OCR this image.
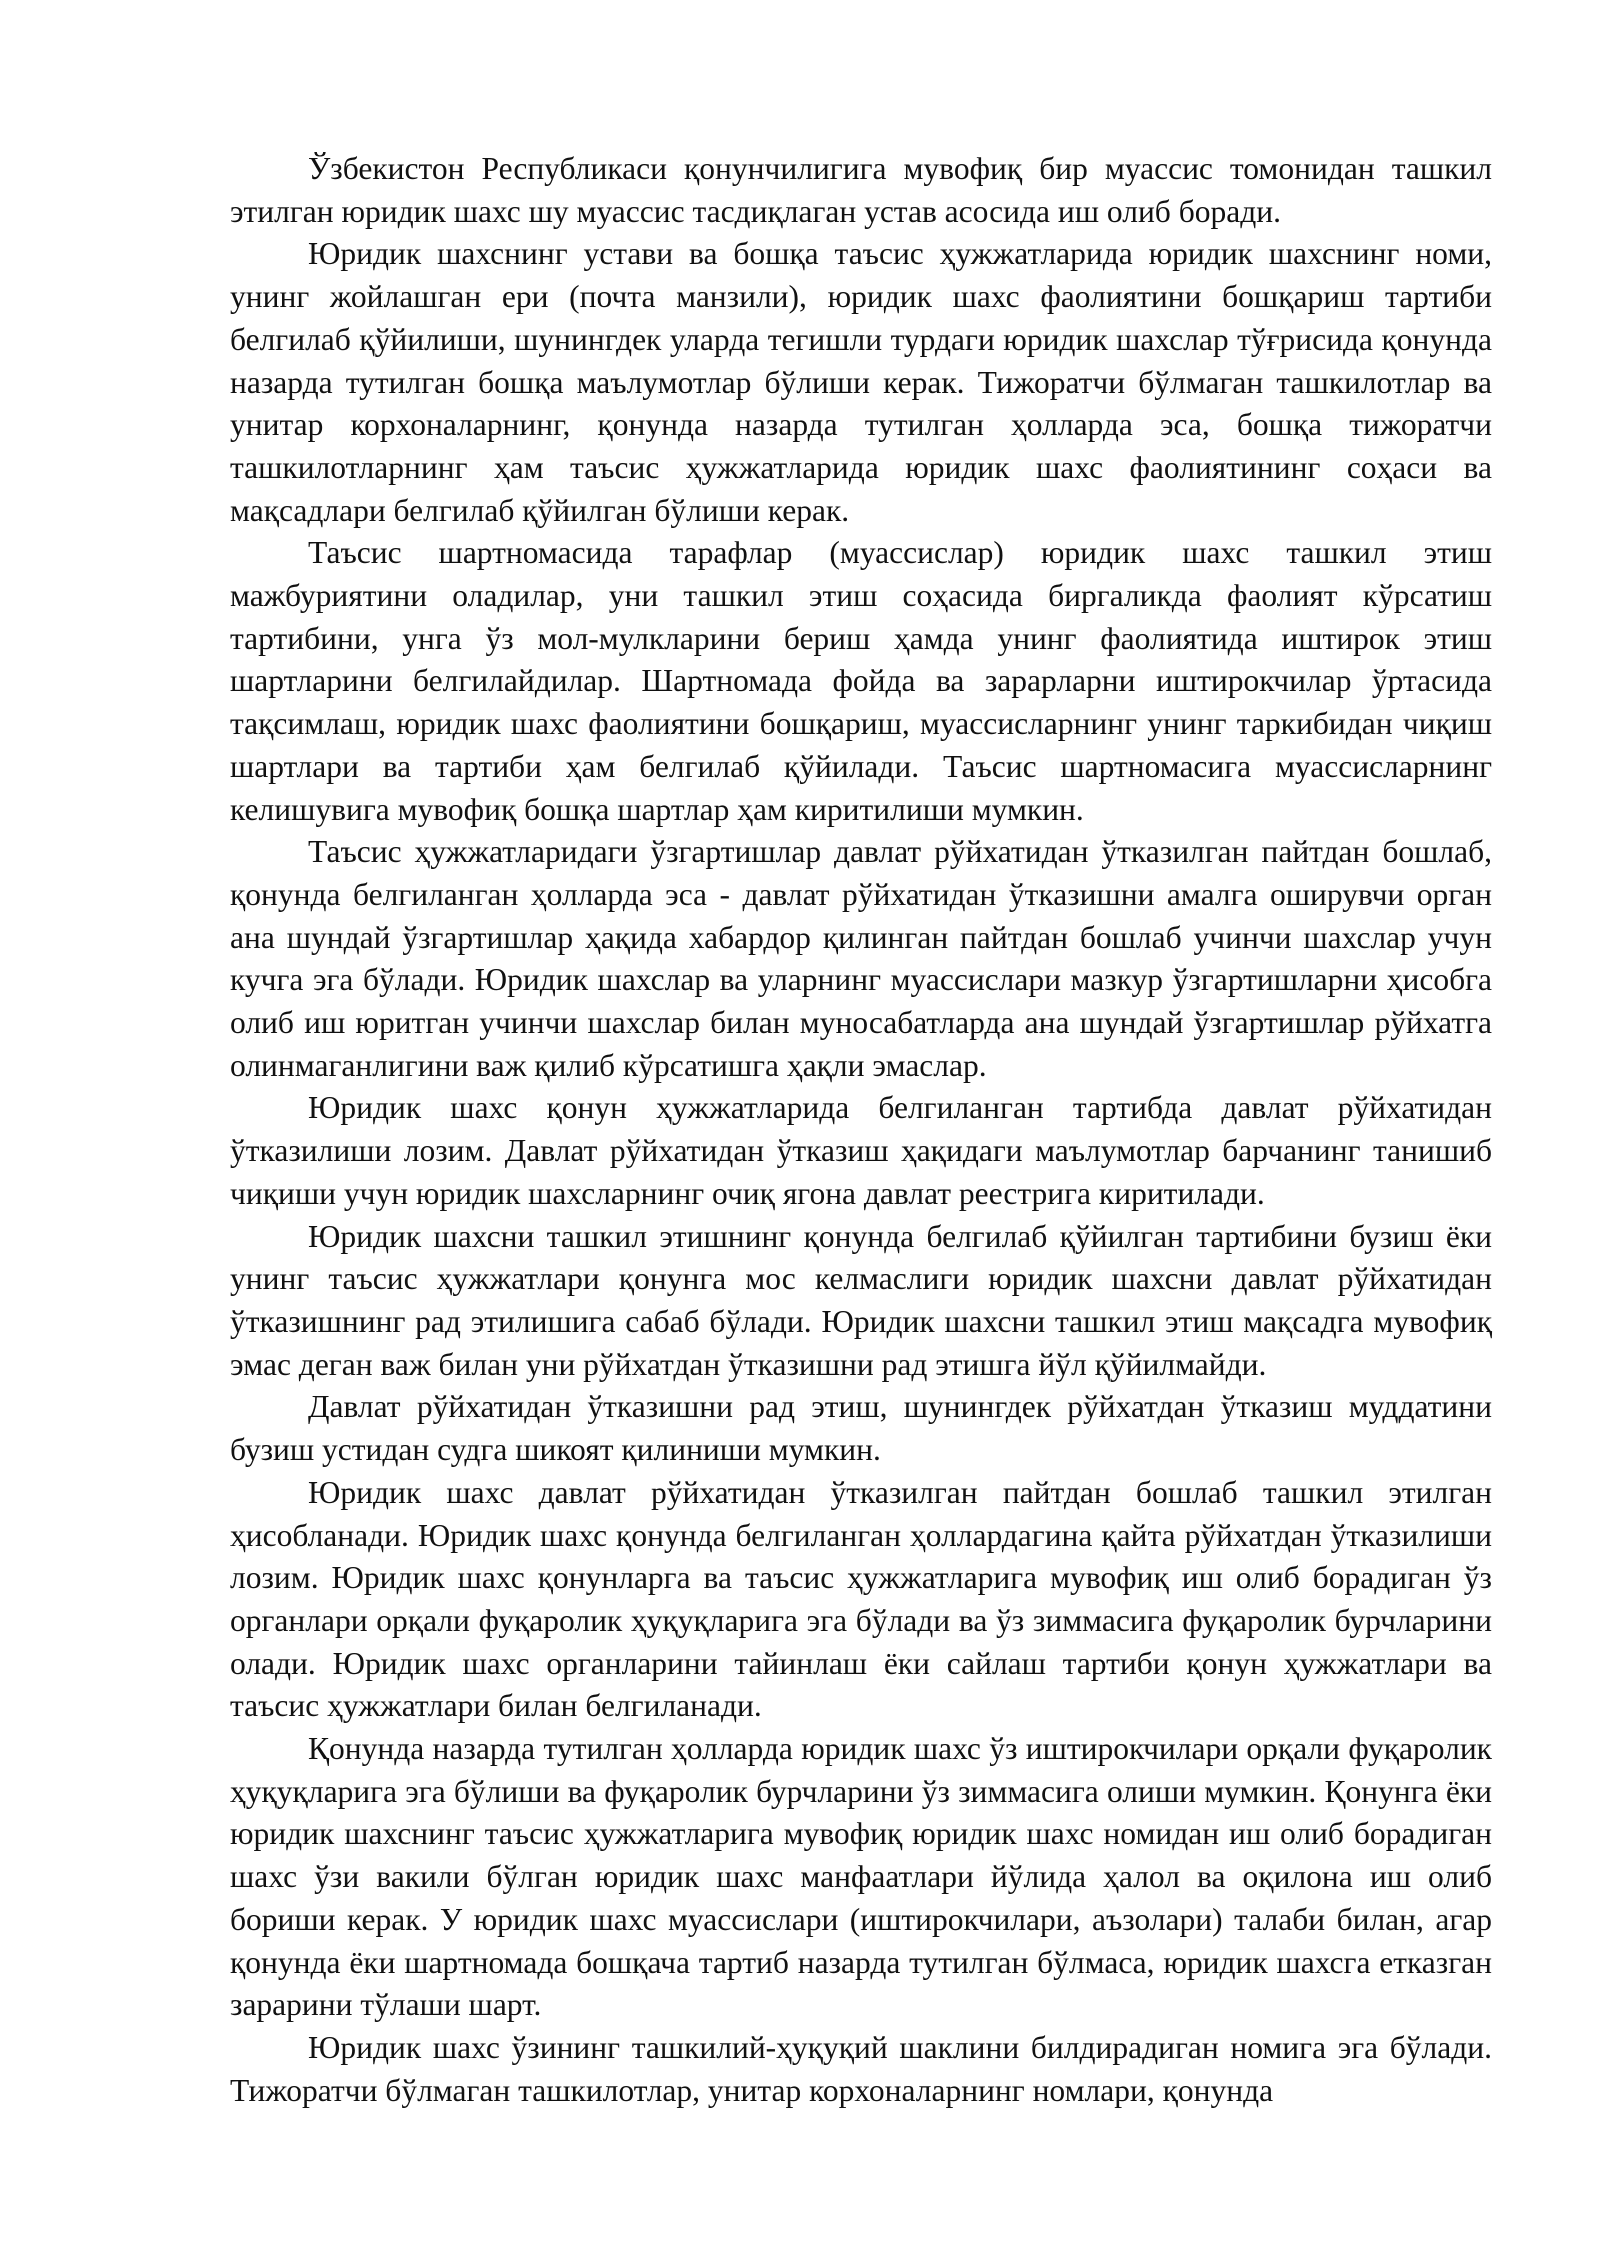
Ўзбекистон Республикаси қонунчилигига мувофиқ бир муассис томонидан ташкил этилган юридик шахс шу муассис тасдиқлаган устав асосида иш олиб боради.

Юридик шахснинг устави ва бошқа таъсис ҳужжатларида юридик шахснинг номи, унинг жойлашган ери (почта манзили), юридик шахс фаолиятини бошқариш тартиби белгилаб қўйилиши, шунингдек уларда тегишли турдаги юридик шахслар тўғрисида қонунда назарда тутилган бошқа маълумотлар бўлиши керак. Тижоратчи бўлмаган ташкилотлар ва унитар корхоналарнинг, қонунда назарда тутилган ҳолларда эса, бошқа тижоратчи ташкилотларнинг ҳам таъсис ҳужжатларида юридик шахс фаолиятининг соҳаси ва мақсадлари белгилаб қўйилган бўлиши керак.

Таъсис шартномасида тарафлар (муассислар) юридик шахс ташкил этиш мажбуриятини оладилар, уни ташкил этиш соҳасида биргаликда фаолият кўрсатиш тартибини, унга ўз мол-мулкларини бериш ҳамда унинг фаолиятида иштирок этиш шартларини белгилайдилар. Шартномада фойда ва зарарларни иштирокчилар ўртасида тақсимлаш, юридик шахс фаолиятини бошқариш, муассисларнинг унинг таркибидан чиқиш шартлари ва тартиби ҳам белгилаб қўйилади. Таъсис шартномасига муассисларнинг келишувига мувофиқ бошқа шартлар ҳам киритилиши мумкин.

Таъсис ҳужжатларидаги ўзгартишлар давлат рўйхатидан ўтказилган пайтдан бошлаб, қонунда белгиланган ҳолларда эса - давлат рўйхатидан ўтказишни амалга оширувчи орган ана шундай ўзгартишлар ҳақида хабардор қилинган пайтдан бошлаб учинчи шахслар учун кучга эга бўлади. Юридик шахслар ва уларнинг муассислари мазкур ўзгартишларни ҳисобга олиб иш юритган учинчи шахслар билан муносабатларда ана шундай ўзгартишлар рўйхатга олинмаганлигини важ қилиб кўрсатишга ҳақли эмаслар.

Юридик шахс қонун ҳужжатларида белгиланган тартибда давлат рўйхатидан ўтказилиши лозим. Давлат рўйхатидан ўтказиш ҳақидаги маълумотлар барчанинг танишиб чиқиши учун юридик шахсларнинг очиқ ягона давлат реестрига киритилади.

Юридик шахсни ташкил этишнинг қонунда белгилаб қўйилган тартибини бузиш ёки унинг таъсис ҳужжатлари қонунга мос келмаслиги юридик шахсни давлат рўйхатидан ўтказишнинг рад этилишига сабаб бўлади. Юридик шахсни ташкил этиш мақсадга мувофиқ эмас деган важ билан уни рўйхатдан ўтказишни рад этишга йўл қўйилмайди.

Давлат рўйхатидан ўтказишни рад этиш, шунингдек рўйхатдан ўтказиш муддатини бузиш устидан судга шикоят қилиниши мумкин.

Юридик шахс давлат рўйхатидан ўтказилган пайтдан бошлаб ташкил этилган ҳисобланади. Юридик шахс қонунда белгиланган ҳоллардагина қайта рўйхатдан ўтказилиши лозим. Юридик шахс қонунларга ва таъсис ҳужжатларига мувофиқ иш олиб борадиган ўз органлари орқали фуқаролик ҳуқуқларига эга бўлади ва ўз зиммасига фуқаролик бурчларини олади. Юридик шахс органларини тайинлаш ёки сайлаш тартиби қонун ҳужжатлари ва таъсис ҳужжатлари билан белгиланади.

Қонунда назарда тутилган ҳолларда юридик шахс ўз иштирокчилари орқали фуқаролик ҳуқуқларига эга бўлиши ва фуқаролик бурчларини ўз зиммасига олиши мумкин. Қонунга ёки юридик шахснинг таъсис ҳужжатларига мувофиқ юридик шахс номидан иш олиб борадиган шахс ўзи вакили бўлган юридик шахс манфаатлари йўлида ҳалол ва оқилона иш олиб бориши керак. У юридик шахс муассислари (иштирокчилари, аъзолари) талаби билан, агар қонунда ёки шартномада бошқача тартиб назарда тутилган бўлмаса, юридик шахсга етказган зарарини тўлаши шарт.

Юридик шахс ўзининг ташкилий-ҳуқуқий шаклини билдирадиган номига эга бўлади. Тижоратчи бўлмаган ташкилотлар, унитар корхоналарнинг номлари, қонунда
